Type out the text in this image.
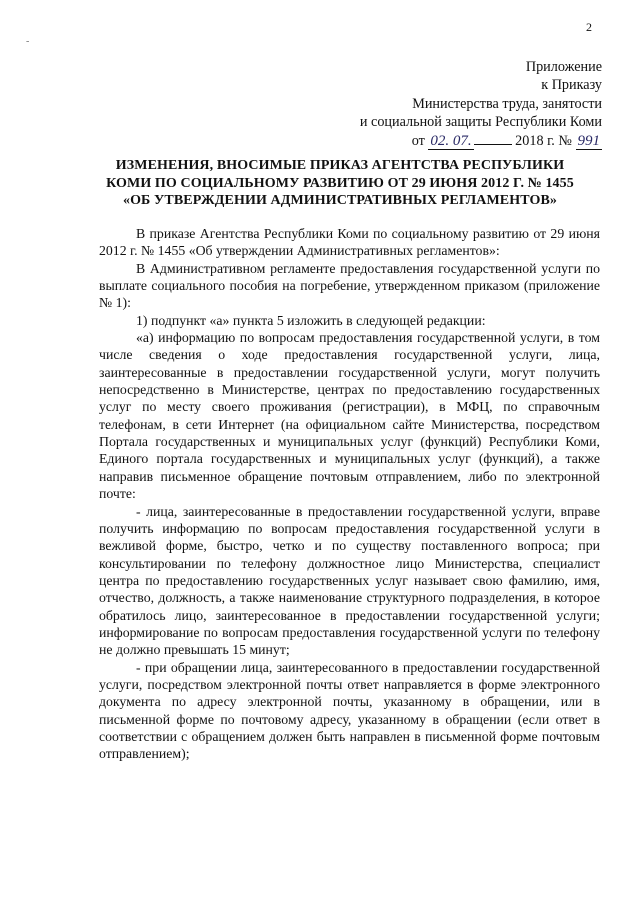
2
-
Приложение
к Приказу
Министерства труда, занятости
и социальной защиты Республики Коми
от 02. 07.	2018 г. № 991
ИЗМЕНЕНИЯ, ВНОСИМЫЕ ПРИКАЗ АГЕНТСТВА РЕСПУБЛИКИ
КОМИ ПО СОЦИАЛЬНОМУ РАЗВИТИЮ ОТ 29 ИЮНЯ 2012 Г. № 1455
«ОБ УТВЕРЖДЕНИИ АДМИНИСТРАТИВНЫХ РЕГЛАМЕНТОВ»

В приказе Агентства Республики Коми по социальному развитию от 29 июня 2012 г. № 1455 «Об утверждении Административных регламентов»:

В Административном регламенте предоставления государственной услуги по выплате социального пособия на погребение, утвержденном приказом (приложение № 1):

1) подпункт «а» пункта 5 изложить в следующей редакции:

«а) информацию по вопросам предоставления государственной услуги, в том числе сведения о ходе предоставления государственной услуги, лица, заинтересованные в предоставлении государственной услуги, могут получить непосредственно в Министерстве, центрах по предоставлению государственных услуг по месту своего проживания (регистрации), в МФЦ, по справочным телефонам, в сети Интернет (на официальном сайте Министерства, посредством Портала государственных и муниципальных услуг (функций) Республики Коми, Единого портала государственных и муниципальных услуг (функций), а также направив письменное обращение почтовым отправлением, либо по электронной почте:

- лица, заинтересованные в предоставлении государственной услуги, вправе получить информацию по вопросам предоставления государственной услуги в вежливой форме, быстро, четко и по существу поставленного вопроса; при консультировании по телефону должностное лицо Министерства, специалист центра по предоставлению государственных услуг называет свою фамилию, имя, отчество, должность, а также наименование структурного подразделения, в которое обратилось лицо, заинтересованное в предоставлении государственной услуги; информирование по вопросам предоставления государственной услуги по телефону не должно превышать 15 минут;

- при обращении лица, заинтересованного в предоставлении государственной услуги, посредством электронной почты ответ направляется в форме электронного документа по адресу электронной почты, указанному в обращении, или в письменной форме по почтовому адресу, указанному в обращении (если ответ в соответствии с обращением должен быть направлен в письменной форме почтовым отправлением);
